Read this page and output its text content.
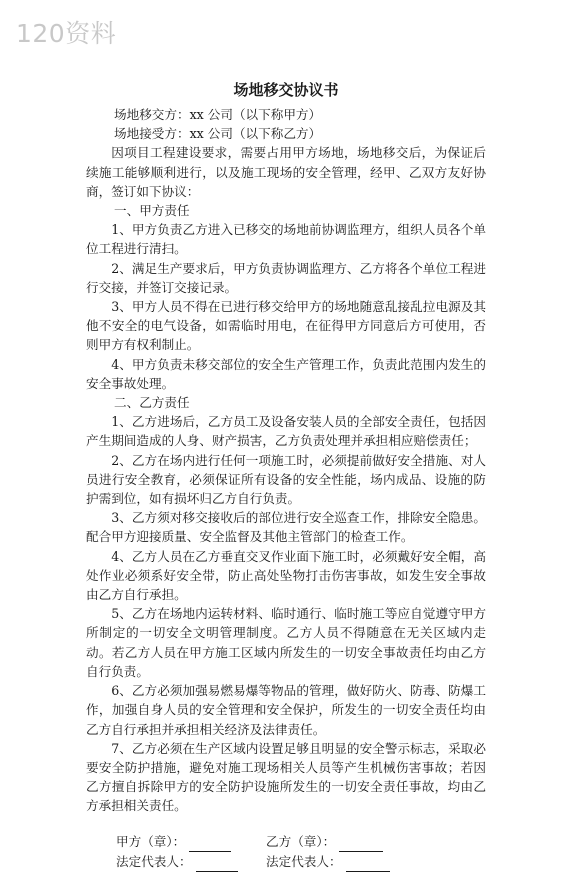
120资料
场地移交协议书

场地移交方：xx 公司（以下称甲方）

场地接受方：xx 公司（以下称乙方）

因项目工程建设要求，需要占用甲方场地，场地移交后，为保证后续施工能够顺利进行，以及施工现场的安全管理，经甲、乙双方友好协商，签订如下协议：

一、甲方责任

1、甲方负责乙方进入已移交的场地前协调监理方，组织人员各个单位工程进行清扫。

2、满足生产要求后，甲方负责协调监理方、乙方将各个单位工程进行交接，并签订交接记录。

3、甲方人员不得在已进行移交给甲方的场地随意乱接乱拉电源及其他不安全的电气设备，如需临时用电，在征得甲方同意后方可使用，否则甲方有权利制止。

4、甲方负责未移交部位的安全生产管理工作，负责此范围内发生的安全事故处理。

二、乙方责任

1、乙方进场后，乙方员工及设备安装人员的全部安全责任，包括因产生期间造成的人身、财产损害，乙方负责处理并承担相应赔偿责任；

2、乙方在场内进行任何一项施工时，必须提前做好安全措施、对人员进行安全教育，必须保证所有设备的安全性能，场内成品、设施的防护需到位，如有损坏归乙方自行负责。

3、乙方须对移交接收后的部位进行安全巡查工作，排除安全隐患。配合甲方迎接质量、安全监督及其他主管部门的检查工作。

4、乙方人员在乙方垂直交叉作业面下施工时，必须戴好安全帽，高处作业必须系好安全带，防止高处坠物打击伤害事故，如发生安全事故由乙方自行承担。

5、乙方在场地内运转材料、临时通行、临时施工等应自觉遵守甲方所制定的一切安全文明管理制度。乙方人员不得随意在无关区域内走动。若乙方人员在甲方施工区域内所发生的一切安全事故责任均由乙方自行负责。

6、乙方必须加强易燃易爆等物品的管理，做好防火、防毒、防爆工作，加强自身人员的安全管理和安全保护，所发生的一切安全责任均由乙方自行承担并承担相关经济及法律责任。

7、乙方必须在生产区域内设置足够且明显的安全警示标志，采取必要安全防护措施，避免对施工现场相关人员等产生机械伤害事故；若因乙方擅自拆除甲方的安全防护设施所发生的一切安全责任事故，均由乙方承担相关责任。

甲方（章）：	乙方（章）：
法定代表人：	法定代表人：
